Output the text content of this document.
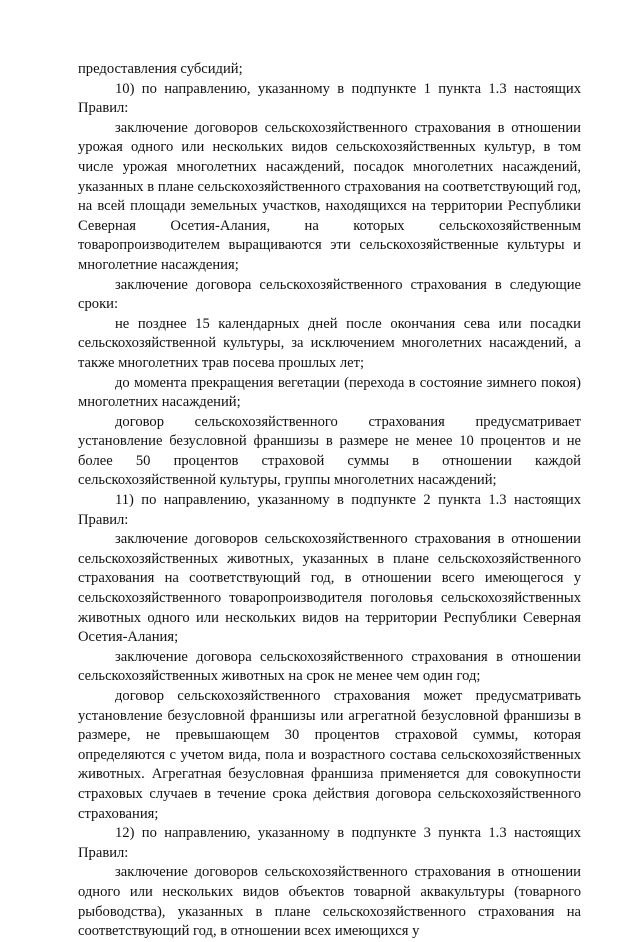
предоставления субсидий;

10) по направлению, указанному в подпункте 1 пункта 1.3 настоящих Правил:

заключение договоров сельскохозяйственного страхования в отношении урожая одного или нескольких видов сельскохозяйственных культур, в том числе урожая многолетних насаждений, посадок многолетних насаждений, указанных в плане сельскохозяйственного страхования на соответствующий год, на всей площади земельных участков, находящихся на территории Республики Северная Осетия-Алания, на которых сельскохозяйственным товаропроизводителем выращиваются эти сельскохозяйственные культуры и многолетние насаждения;

заключение договора сельскохозяйственного страхования в следующие сроки:

не позднее 15 календарных дней после окончания сева или посадки сельскохозяйственной культуры, за исключением многолетних насаждений, а также многолетних трав посева прошлых лет;

до момента прекращения вегетации (перехода в состояние зимнего покоя) многолетних насаждений;

договор сельскохозяйственного страхования предусматривает установление безусловной франшизы в размере не менее 10 процентов и не более 50 процентов страховой суммы в отношении каждой сельскохозяйственной культуры, группы многолетних насаждений;

11) по направлению, указанному в подпункте 2 пункта 1.3 настоящих Правил:

заключение договоров сельскохозяйственного страхования в отношении сельскохозяйственных животных, указанных в плане сельскохозяйственного страхования на соответствующий год, в отношении всего имеющегося у сельскохозяйственного товаропроизводителя поголовья сельскохозяйственных животных одного или нескольких видов на территории Республики Северная Осетия-Алания;

заключение договора сельскохозяйственного страхования в отношении сельскохозяйственных животных на срок не менее чем один год;

договор сельскохозяйственного страхования может предусматривать установление безусловной франшизы или агрегатной безусловной франшизы в размере, не превышающем 30 процентов страховой суммы, которая определяются с учетом вида, пола и возрастного состава сельскохозяйственных животных. Агрегатная безусловная франшиза применяется для совокупности страховых случаев в течение срока действия договора сельскохозяйственного страхования;

12) по направлению, указанному в подпункте 3 пункта 1.3 настоящих Правил:

заключение договоров сельскохозяйственного страхования в отношении одного или нескольких видов объектов товарной аквакультуры (товарного рыбоводства), указанных в плане сельскохозяйственного страхования на соответствующий год, в отношении всех имеющихся у
